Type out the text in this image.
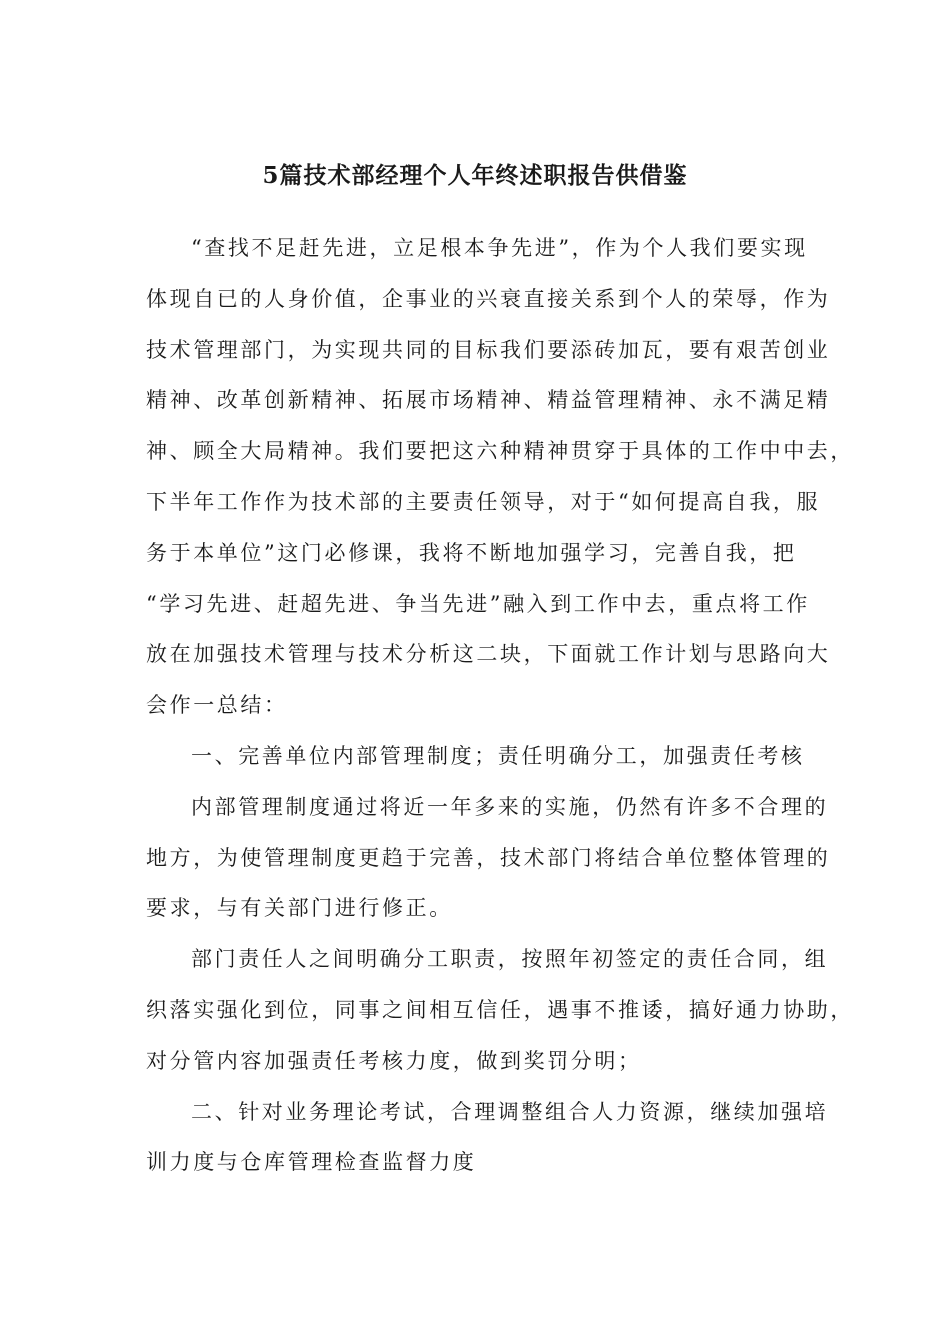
5篇技术部经理个人年终述职报告供借鉴
“查找不足赶先进，立足根本争先进”，作为个人我们要实现
体现自已的人身价值，企事业的兴衰直接关系到个人的荣辱，作为
技术管理部门，为实现共同的目标我们要添砖加瓦，要有艰苦创业
精神、改革创新精神、拓展市场精神、精益管理精神、永不满足精
神、顾全大局精神。我们要把这六种精神贯穿于具体的工作中中去，
下半年工作作为技术部的主要责任领导，对于“如何提高自我，服
务于本单位”这门必修课，我将不断地加强学习，完善自我，把
“学习先进、赶超先进、争当先进”融入到工作中去，重点将工作
放在加强技术管理与技术分析这二块，下面就工作计划与思路向大
会作一总结：
一、完善单位内部管理制度；责任明确分工，加强责任考核
内部管理制度通过将近一年多来的实施，仍然有许多不合理的
地方，为使管理制度更趋于完善，技术部门将结合单位整体管理的
要求，与有关部门进行修正。
部门责任人之间明确分工职责，按照年初签定的责任合同，组
织落实强化到位，同事之间相互信任，遇事不推诿，搞好通力协助，
对分管内容加强责任考核力度，做到奖罚分明；
二、针对业务理论考试，合理调整组合人力资源，继续加强培
训力度与仓库管理检查监督力度
